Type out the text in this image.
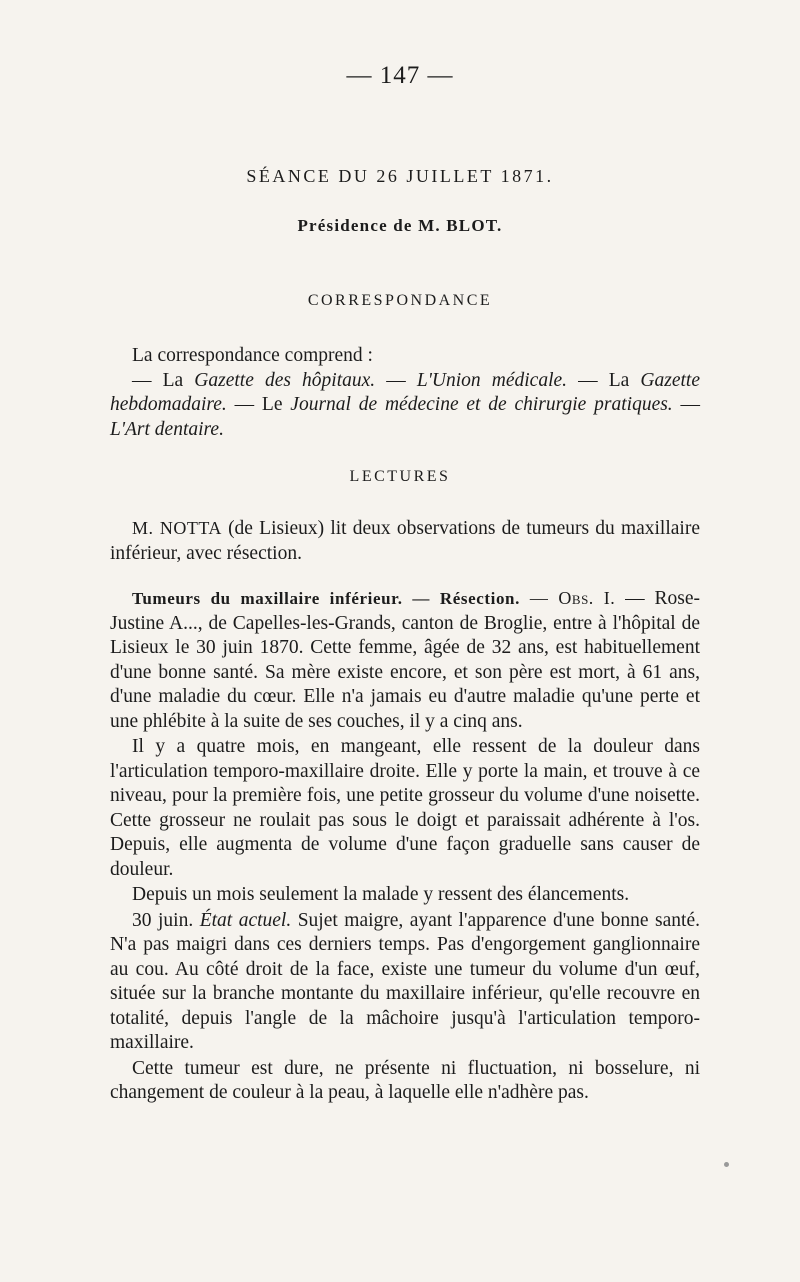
— 147 —
SÉANCE DU 26 JUILLET 1871.
Présidence de M. BLOT.
CORRESPONDANCE

La correspondance comprend :

— La Gazette des hôpitaux. — L'Union médicale. — La Gazette hebdomadaire. — Le Journal de médecine et de chirurgie pratiques. — L'Art dentaire.

LECTURES

M. NOTTA (de Lisieux) lit deux observations de tumeurs du maxillaire inférieur, avec résection.

Tumeurs du maxillaire inférieur. — Résection. — Obs. I. — Rose-Justine A..., de Capelles-les-Grands, canton de Broglie, entre à l'hôpital de Lisieux le 30 juin 1870. Cette femme, âgée de 32 ans, est habituellement d'une bonne santé. Sa mère existe encore, et son père est mort, à 61 ans, d'une maladie du cœur. Elle n'a jamais eu d'autre maladie qu'une perte et une phlébite à la suite de ses couches, il y a cinq ans.

Il y a quatre mois, en mangeant, elle ressent de la douleur dans l'articulation temporo-maxillaire droite. Elle y porte la main, et trouve à ce niveau, pour la première fois, une petite grosseur du volume d'une noisette. Cette grosseur ne roulait pas sous le doigt et paraissait adhérente à l'os. Depuis, elle augmenta de volume d'une façon graduelle sans causer de douleur.

Depuis un mois seulement la malade y ressent des élancements.

30 juin. État actuel. Sujet maigre, ayant l'apparence d'une bonne santé. N'a pas maigri dans ces derniers temps. Pas d'engorgement ganglionnaire au cou. Au côté droit de la face, existe une tumeur du volume d'un œuf, située sur la branche montante du maxillaire inférieur, qu'elle recouvre en totalité, depuis l'angle de la mâchoire jusqu'à l'articulation temporo-maxillaire.

Cette tumeur est dure, ne présente ni fluctuation, ni bosselure, ni changement de couleur à la peau, à laquelle elle n'adhère pas.
